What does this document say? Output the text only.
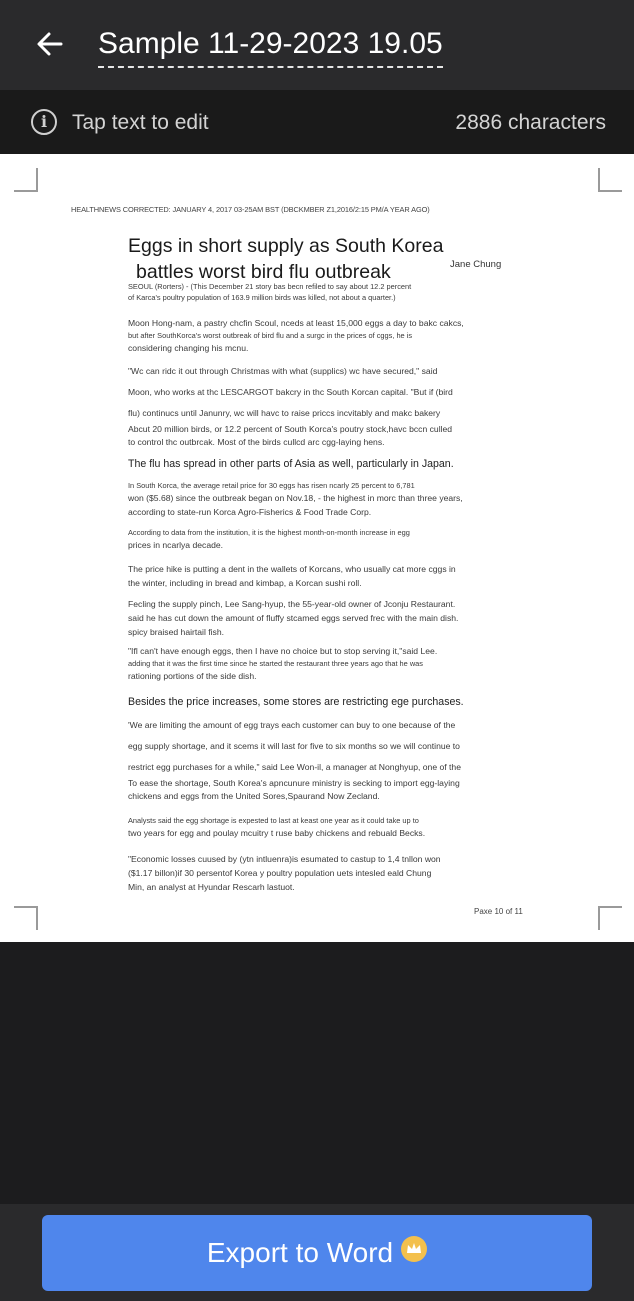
Sample 11-29-2023 19.05
i	Tap text to edit	2886 characters
HEALTHNEWS CORRECTED: JANUARY 4, 2017 03-25AM BST (DBCKMBER Z1,2016/2:15 PM/A YEAR AGO)
Eggs in short supply as South Korea
battles worst bird flu outbreak	Jane Chung
SEOUL (Rorters) - (This December 21 story bas becn refiled to say about 12.2 percent
of Karca's poultry population of 163.9 million birds was killed, not about a quarter.)
Moon Hong-nam, a pastry chcfin Scoul, nceds at least 15,000 eggs a day to bakc cakcs,
but after SouthKorca's worst outbreak of bird flu and a surgc in the prices of cggs, he is
considering changing his mcnu.
"Wc can ridc it out through Christmas with what (supplics) wc have secured," said
Moon, who works at thc LESCARGOT bakcry in thc South Korcan capital. "But if (bird
flu) continucs until Janunry, wc will havc to raise priccs incvitably and makc bakery
Abcut 20 million birds, or 12.2 percent of South Korca's poutry stock,havc bccn culled
to control thc outbrcak. Most of the birds cullcd arc cgg-laying hens.
The flu has spread in other parts of Asia as well, particularly in Japan.
In South Korca, the average retail price for 30 eggs has risen ncarly 25 percent to 6,781
won ($5.68) since the outbreak began on Nov.18, - the highest in morc than three years,
according to state-run Korca Agro-Fisherics & Food Trade Corp.
According to data from the institution, it is the highest month-on-month increase in egg
prices in ncarlya decade.
The price hike is putting a dent in the wallets of Korcans, who usually cat more cggs in
the winter, including in bread and kimbap, a Korcan sushi roll.
Fecling the supply pinch, Lee Sang-hyup, the 55-year-old owner of Jconju Restaurant.
said he has cut down the amount of fluffy stcamed eggs served frec with the main dish.
spicy braised hairtail fish.
"Ifl can't have enough eggs, then I have no choice but to stop serving it,"said Lee.
adding that it was the first time since he started the restaurant three years ago that he was
rationing portions of the side dish.
Besides the price increases, some stores are restricting ege purchases.
'We are limiting the amount of egg trays each customer can buy to one because of the
egg supply shortage, and it scems it will last for five to six months so we will continue to
restrict egg purchases for a while," said Lee Won-il, a manager at Nonghyup, one of the
To ease the shortage, South Korea's apncunure ministry is secking to import egg-laying
chickens and eggs from the United Sores,Spaurand Now Zecland.
Analysts said the egg shortage is expested to last at keast one year as it could take up to
two years for egg and poulay mcuitry t ruse baby chickens and rebuald Becks.
"Economic losses cuused by (ytn intluenra)is esumated to castup to 1,4 tnllon won
($1.17 billon)if 30 persentof Korea y poultry population uets intesled eald Chung
Min, an analyst at Hyundar Rescarh lastuot.
Paxe 10 of 11
Export to Word
